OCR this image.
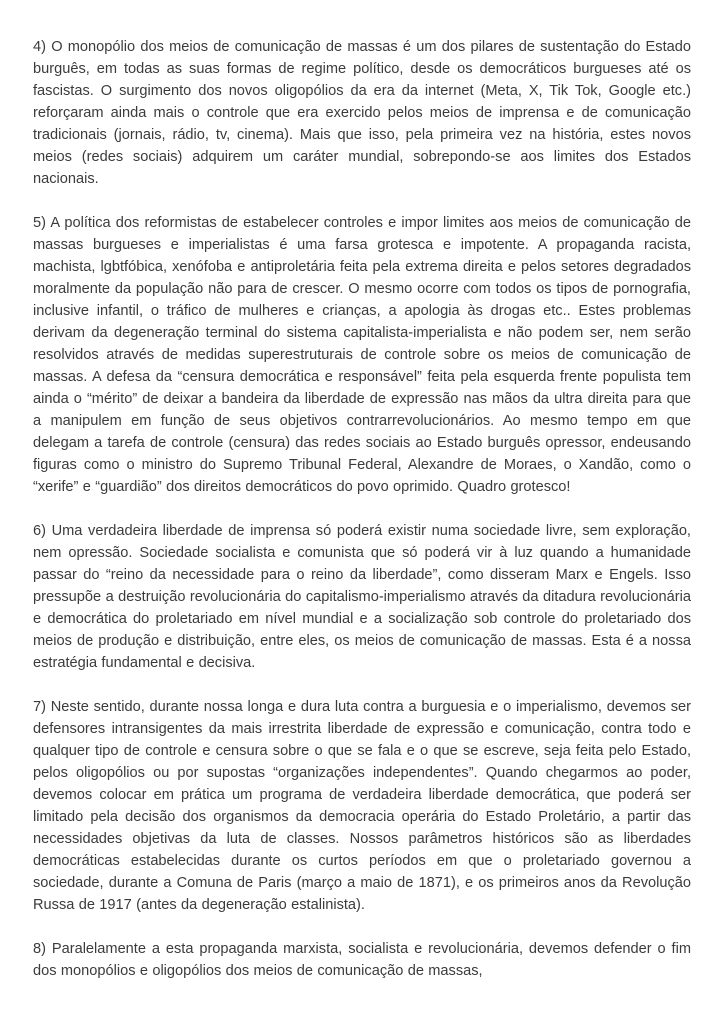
4) O monopólio dos meios de comunicação de massas é um dos pilares de sustentação do Estado burguês, em todas as suas formas de regime político, desde os democráticos burgueses até os fascistas. O surgimento dos novos oligopólios da era da internet (Meta, X, Tik Tok, Google etc.) reforçaram ainda mais o controle que era exercido pelos meios de imprensa e de comunicação tradicionais (jornais, rádio, tv, cinema). Mais que isso, pela primeira vez na história, estes novos meios (redes sociais) adquirem um caráter mundial, sobrepondo-se aos limites dos Estados nacionais.

5) A política dos reformistas de estabelecer controles e impor limites aos meios de comunicação de massas burgueses e imperialistas é uma farsa grotesca e impotente. A propaganda racista, machista, lgbtfóbica, xenófoba e antiproletária feita pela extrema direita e pelos setores degradados moralmente da população não para de crescer. O mesmo ocorre com todos os tipos de pornografia, inclusive infantil, o tráfico de mulheres e crianças, a apologia às drogas etc.. Estes problemas derivam da degeneração terminal do sistema capitalista-imperialista e não podem ser, nem serão resolvidos através de medidas superestruturais de controle sobre os meios de comunicação de massas. A defesa da “censura democrática e responsável” feita pela esquerda frente populista tem ainda o “mérito” de deixar a bandeira da liberdade de expressão nas mãos da ultra direita para que a manipulem em função de seus objetivos contrarrevolucionários. Ao mesmo tempo em que delegam a tarefa de controle (censura) das redes sociais ao Estado burguês opressor, endeusando figuras como o ministro do Supremo Tribunal Federal, Alexandre de Moraes, o Xandão, como o “xerife” e “guardião” dos direitos democráticos do povo oprimido. Quadro grotesco!

6) Uma verdadeira liberdade de imprensa só poderá existir numa sociedade livre, sem exploração, nem opressão. Sociedade socialista e comunista que só poderá vir à luz quando a humanidade passar do “reino da necessidade para o reino da liberdade”, como disseram Marx e Engels. Isso pressupõe a destruição revolucionária do capitalismo-imperialismo através da ditadura revolucionária e democrática do proletariado em nível mundial e a socialização sob controle do proletariado dos meios de produção e distribuição, entre eles, os meios de comunicação de massas. Esta é a nossa estratégia fundamental e decisiva.

7) Neste sentido, durante nossa longa e dura luta contra a burguesia e o imperialismo, devemos ser defensores intransigentes da mais irrestrita liberdade de expressão e comunicação, contra todo e qualquer tipo de controle e censura sobre o que se fala e o que se escreve, seja feita pelo Estado, pelos oligopólios ou por supostas “organizações independentes”. Quando chegarmos ao poder, devemos colocar em prática um programa de verdadeira liberdade democrática, que poderá ser limitado pela decisão dos organismos da democracia operária do Estado Proletário, a partir das necessidades objetivas da luta de classes. Nossos parâmetros históricos são as liberdades democráticas estabelecidas durante os curtos períodos em que o proletariado governou a sociedade, durante a Comuna de Paris (março a maio de 1871), e os primeiros anos da Revolução Russa de 1917 (antes da degeneração estalinista).

8) Paralelamente a esta propaganda marxista, socialista e revolucionária, devemos defender o fim dos monopólios e oligopólios dos meios de comunicação de massas,
